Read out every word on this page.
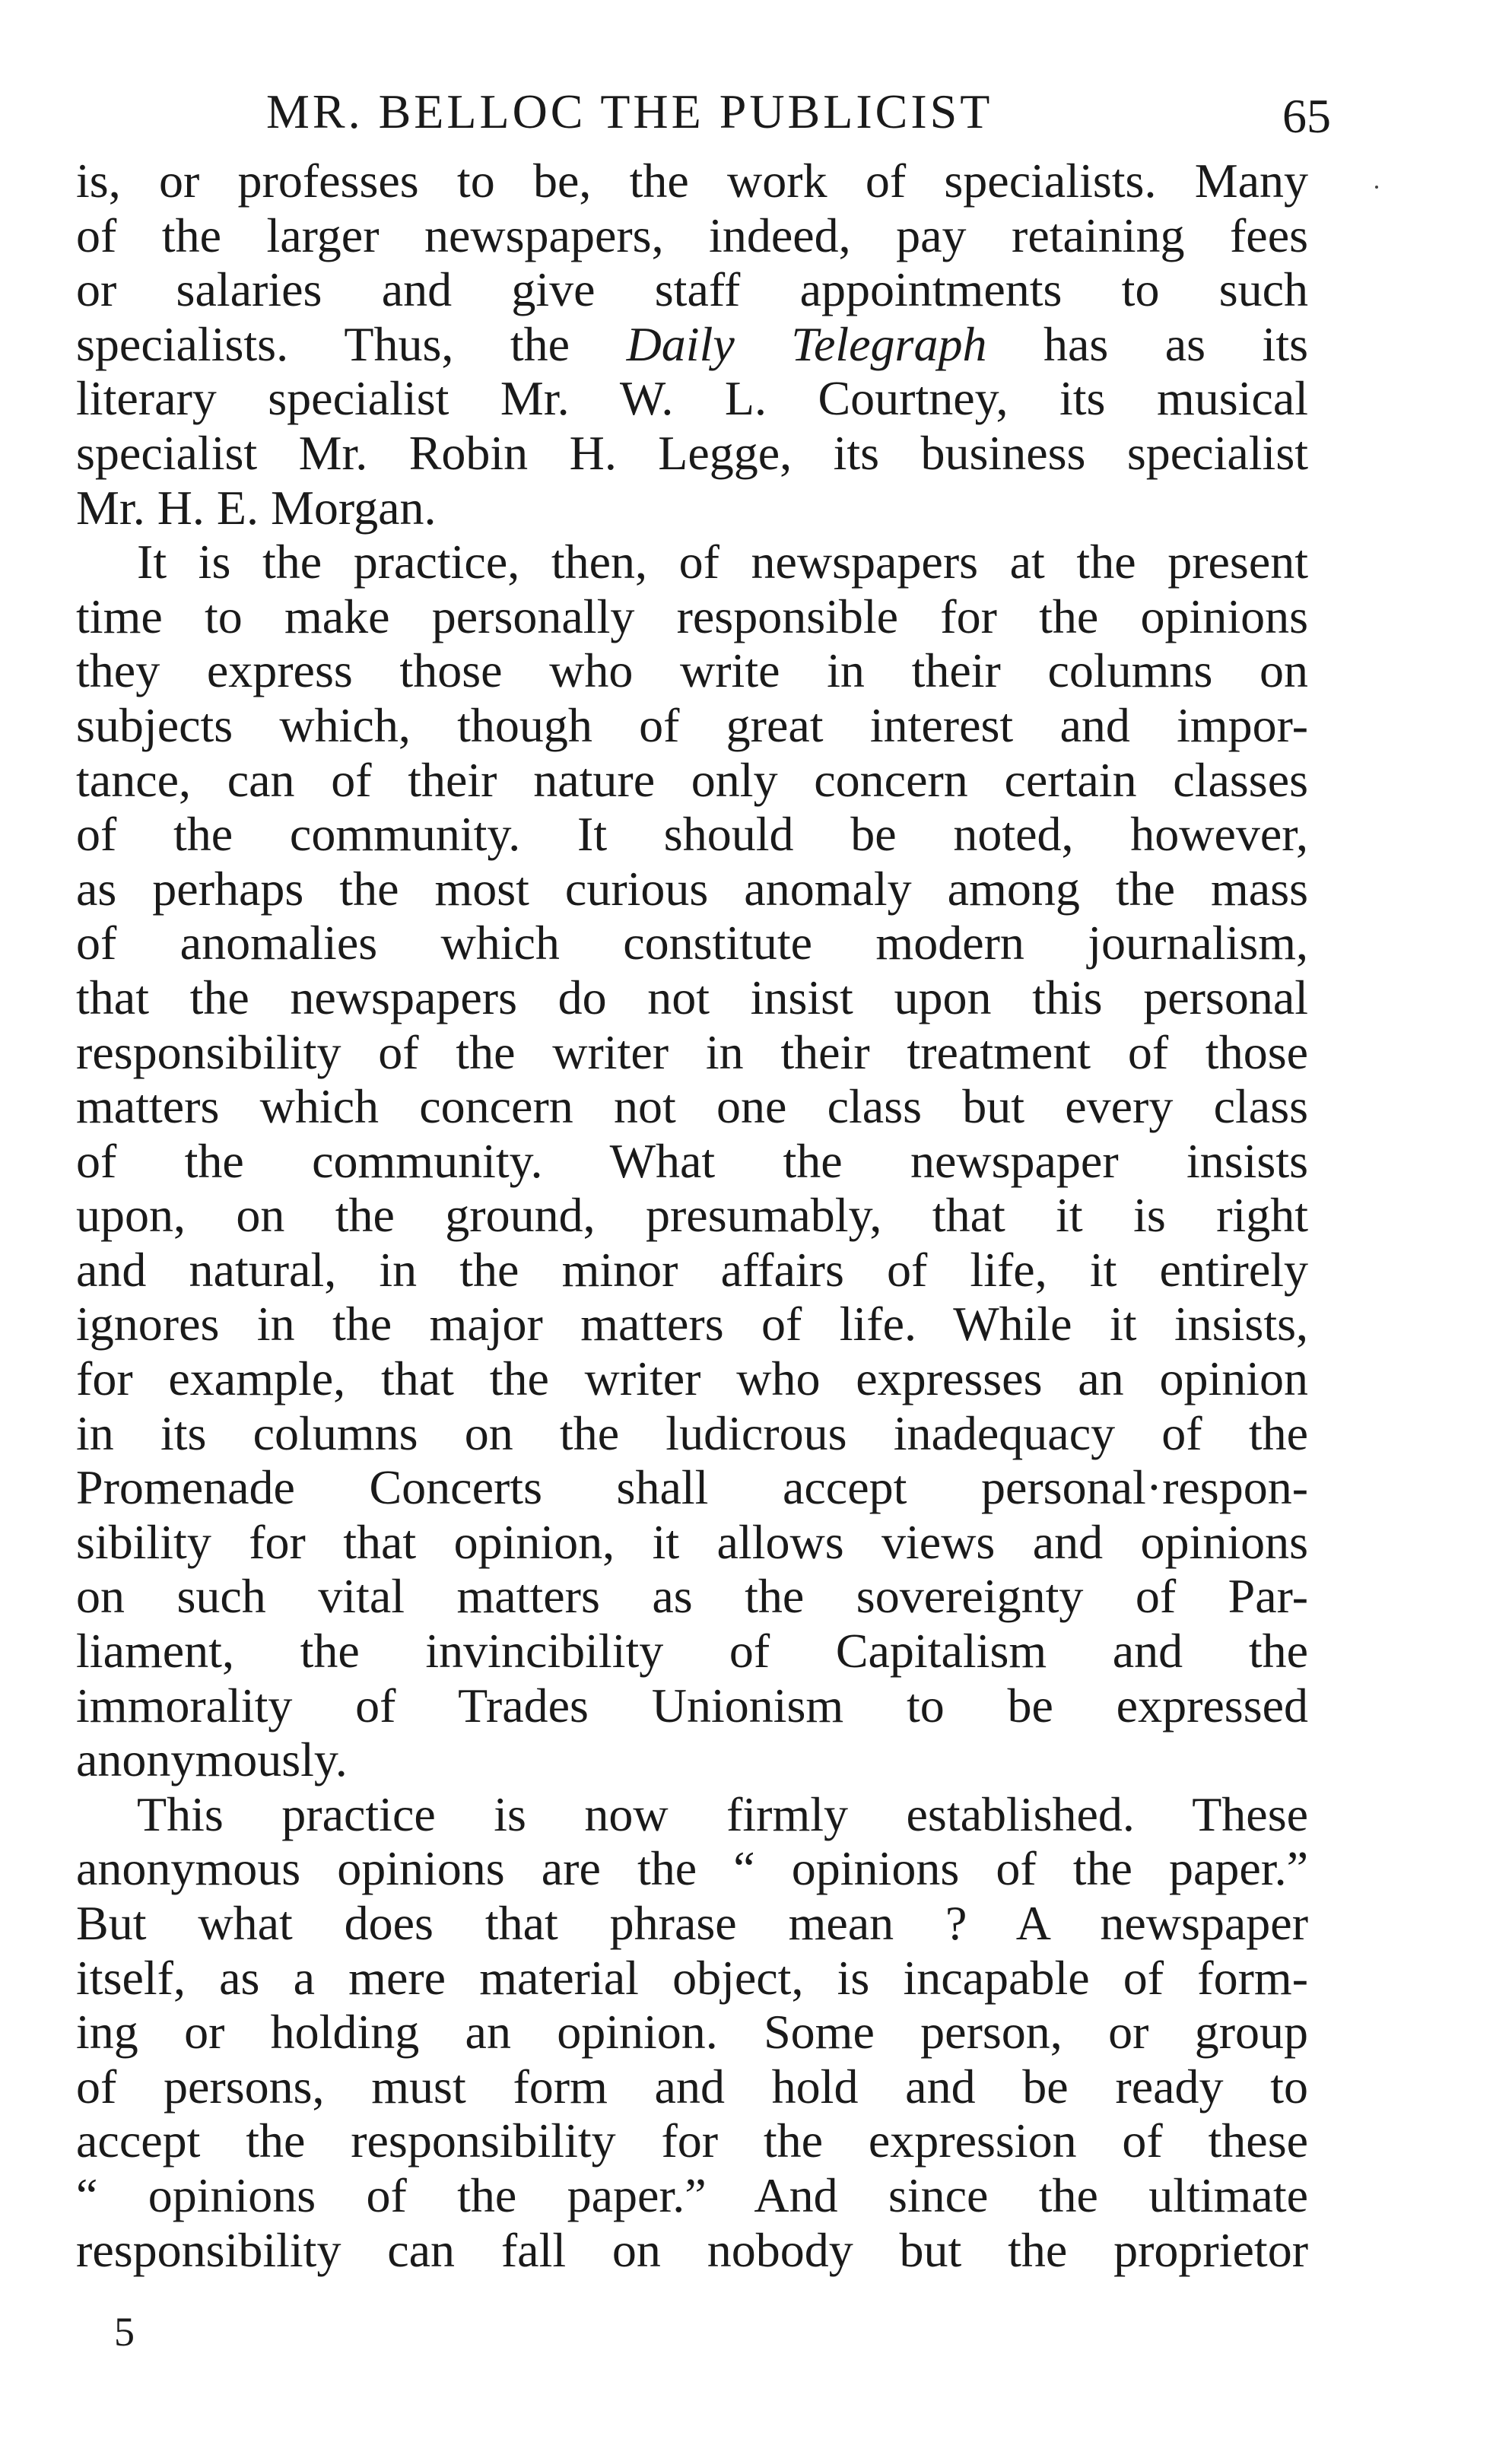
MR. BELLOC THE PUBLICIST	65
is, or professes to be, the work of specialists. Many
of the larger newspapers, indeed, pay retaining fees
or salaries and give staff appointments to such
specialists. Thus, the Daily Telegraph has as its
literary specialist Mr. W. L. Courtney, its musical
specialist Mr. Robin H. Legge, its business specialist
Mr. H. E. Morgan.
It is the practice, then, of newspapers at the present
time to make personally responsible for the opinions
they express those who write in their columns on
subjects which, though of great interest and impor-
tance, can of their nature only concern certain classes
of the community. It should be noted, however,
as perhaps the most curious anomaly among the mass
of anomalies which constitute modern journalism,
that the newspapers do not insist upon this personal
responsibility of the writer in their treatment of those
matters which concern not one class but every class
of the community. What the newspaper insists
upon, on the ground, presumably, that it is right
and natural, in the minor affairs of life, it entirely
ignores in the major matters of life. While it insists,
for example, that the writer who expresses an opinion
in its columns on the ludicrous inadequacy of the
Promenade Concerts shall accept personal·respon-
sibility for that opinion, it allows views and opinions
on such vital matters as the sovereignty of Par-
liament, the invincibility of Capitalism and the
immorality of Trades Unionism to be expressed
anonymously.
This practice is now firmly established. These
anonymous opinions are the “ opinions of the paper.”
But what does that phrase mean ? A newspaper
itself, as a mere material object, is incapable of form-
ing or holding an opinion. Some person, or group
of persons, must form and hold and be ready to
accept the responsibility for the expression of these
“ opinions of the paper.” And since the ultimate
responsibility can fall on nobody but the proprietor
5
